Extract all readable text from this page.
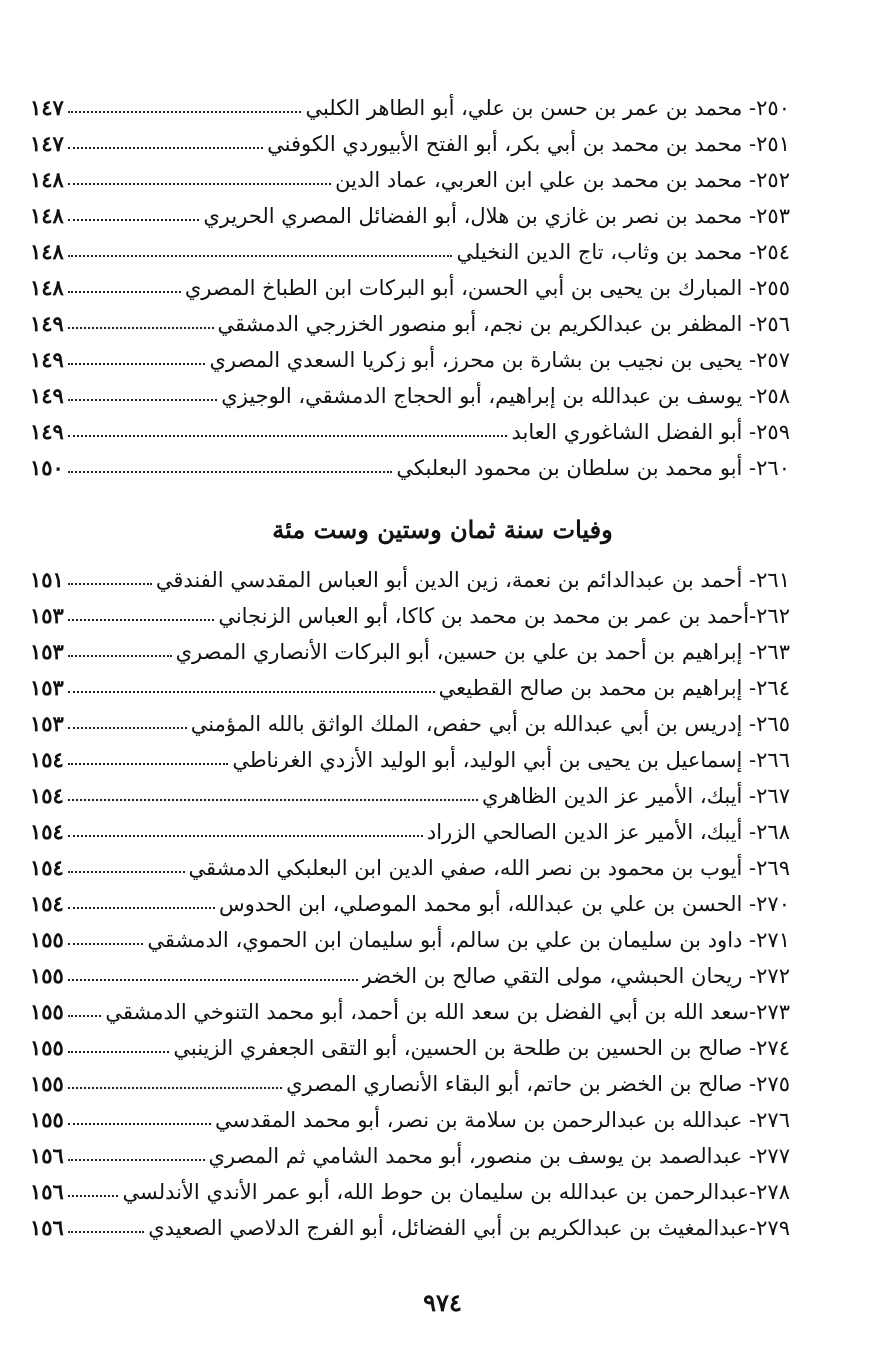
٢٥٠- محمد بن عمر بن حسن بن علي، أبو الطاهر الكلبي
١٤٧
٢٥١- محمد بن محمد بن أبي بكر، أبو الفتح الأبيوردي الكوفني
١٤٧
٢٥٢- محمد بن محمد بن علي ابن العربي، عماد الدين
١٤٨
٢٥٣- محمد بن نصر بن غازي بن هلال، أبو الفضائل المصري الحريري
١٤٨
٢٥٤- محمد بن وثاب، تاج الدين النخيلي
١٤٨
٢٥٥- المبارك بن يحيى بن أبي الحسن، أبو البركات ابن الطباخ المصري
١٤٨
٢٥٦- المظفر بن عبدالكريم بن نجم، أبو منصور الخزرجي الدمشقي
١٤٩
٢٥٧- يحيى بن نجيب بن بشارة بن محرز، أبو زكريا السعدي المصري
١٤٩
٢٥٨- يوسف بن عبدالله بن إبراهيم، أبو الحجاج الدمشقي، الوجيزي
١٤٩
٢٥٩- أبو الفضل الشاغوري العابد
١٤٩
٢٦٠- أبو محمد بن سلطان بن محمود البعلبكي
١٥٠
وفيات سنة ثمان وستين وست مئة
٢٦١- أحمد بن عبدالدائم بن نعمة، زين الدين أبو العباس المقدسي الفندقي
١٥١
٢٦٢-أحمد بن عمر بن محمد بن محمد بن كاكا، أبو العباس الزنجاني
١٥٣
٢٦٣- إبراهيم بن أحمد بن علي بن حسين، أبو البركات الأنصاري المصري
١٥٣
٢٦٤- إبراهيم بن محمد بن صالح القطيعي
١٥٣
٢٦٥- إدريس بن أبي عبدالله بن أبي حفص، الملك الواثق بالله المؤمني
١٥٣
٢٦٦- إسماعيل بن يحيى بن أبي الوليد، أبو الوليد الأزدي الغرناطي
١٥٤
٢٦٧- أيبك، الأمير عز الدين الظاهري
١٥٤
٢٦٨- أيبك، الأمير عز الدين الصالحي الزراد
١٥٤
٢٦٩- أيوب بن محمود بن نصر الله، صفي الدين ابن البعلبكي الدمشقي
١٥٤
٢٧٠- الحسن بن علي بن عبدالله، أبو محمد الموصلي، ابن الحدوس
١٥٤
٢٧١- داود بن سليمان بن علي بن سالم، أبو سليمان ابن الحموي، الدمشقي
١٥٥
٢٧٢- ريحان الحبشي، مولى التقي صالح بن الخضر
١٥٥
٢٧٣-سعد الله بن أبي الفضل بن سعد الله بن أحمد، أبو محمد التنوخي الدمشقي
١٥٥
٢٧٤- صالح بن الحسين بن طلحة بن الحسين، أبو التقى الجعفري الزينبي
١٥٥
٢٧٥- صالح بن الخضر بن حاتم، أبو البقاء الأنصاري المصري
١٥٥
٢٧٦- عبدالله بن عبدالرحمن بن سلامة بن نصر، أبو محمد المقدسي
١٥٥
٢٧٧- عبدالصمد بن يوسف بن منصور، أبو محمد الشامي ثم المصري
١٥٦
٢٧٨-عبدالرحمن بن عبدالله بن سليمان بن حوط الله، أبو عمر الأندي الأندلسي
١٥٦
٢٧٩-عبدالمغيث بن عبدالكريم بن أبي الفضائل، أبو الفرج الدلاصي الصعيدي
١٥٦
٩٧٤
